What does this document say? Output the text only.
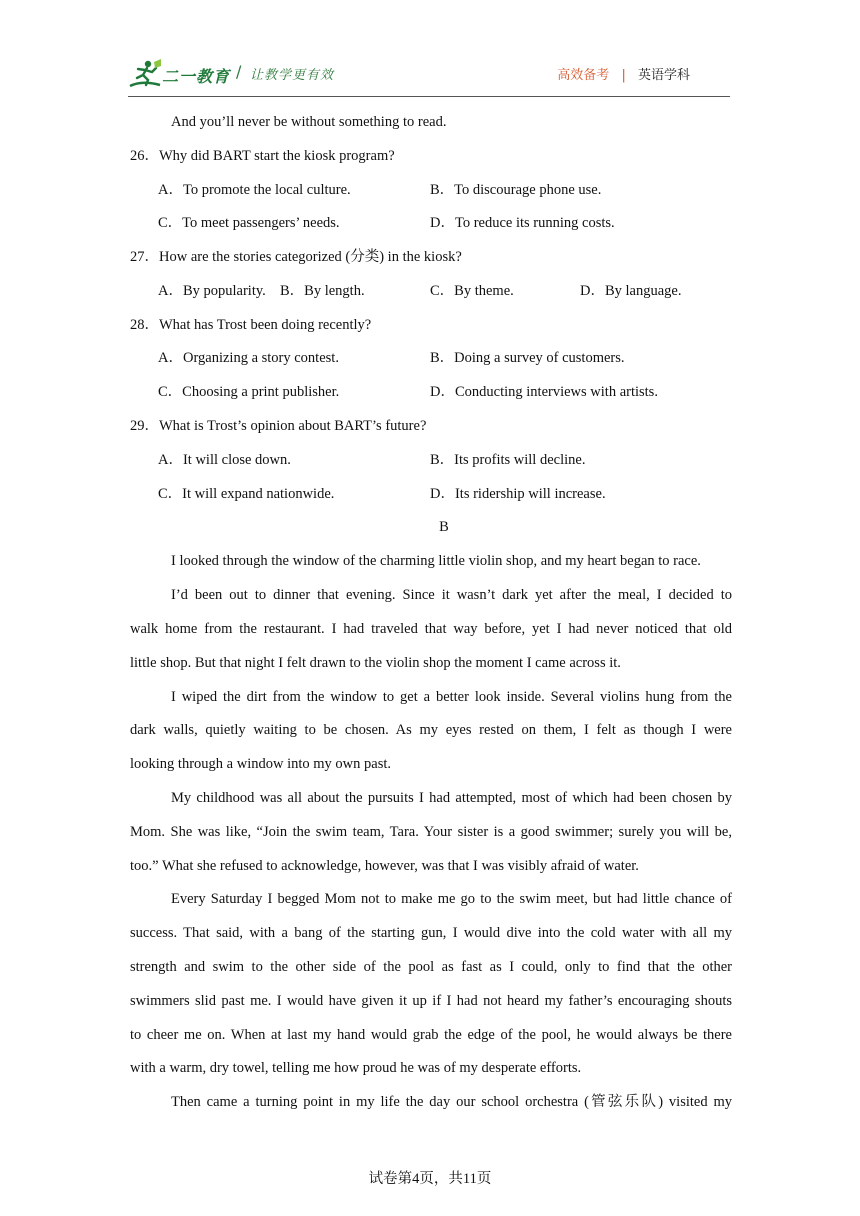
二一教育 / 让教学更有效	高效备考 | 英语学科
And you’ll never be without something to read.
26．Why did BART start the kiosk program?
A．To promote the local culture.	B．To discourage phone use.
C．To meet passengers’ needs.	D．To reduce its running costs.
27．How are the stories categorized (分类) in the kiosk?
A．By popularity. B．By length.	C．By theme.	D．By language.
28．What has Trost been doing recently?
A．Organizing a story contest.	B．Doing a survey of customers.
C．Choosing a print publisher.	D．Conducting interviews with artists.
29．What is Trost’s opinion about BART’s future?
A．It will close down.	B．Its profits will decline.
C．It will expand nationwide.	D．Its ridership will increase.
B
I looked through the window of the charming little violin shop, and my heart began to race.
I’d been out to dinner that evening. Since it wasn’t dark yet after the meal, I decided to
walk home from the restaurant. I had traveled that way before, yet I had never noticed that old
little shop. But that night I felt drawn to the violin shop the moment I came across it.
I wiped the dirt from the window to get a better look inside. Several violins hung from the
dark walls, quietly waiting to be chosen. As my eyes rested on them, I felt as though I were
looking through a window into my own past.
My childhood was all about the pursuits I had attempted, most of which had been chosen by
Mom. She was like, “Join the swim team, Tara. Your sister is a good swimmer; surely you will be,
too.” What she refused to acknowledge, however, was that I was visibly afraid of water.
Every Saturday I begged Mom not to make me go to the swim meet, but had little chance of
success. That said, with a bang of the starting gun, I would dive into the cold water with all my
strength and swim to the other side of the pool as fast as I could, only to find that the other
swimmers slid past me. I would have given it up if I had not heard my father’s encouraging shouts
to cheer me on. When at last my hand would grab the edge of the pool, he would always be there
with a warm, dry towel, telling me how proud he was of my desperate efforts.
Then came a turning point in my life the day our school orchestra (管弦乐队) visited my
试卷第4页，共11页
